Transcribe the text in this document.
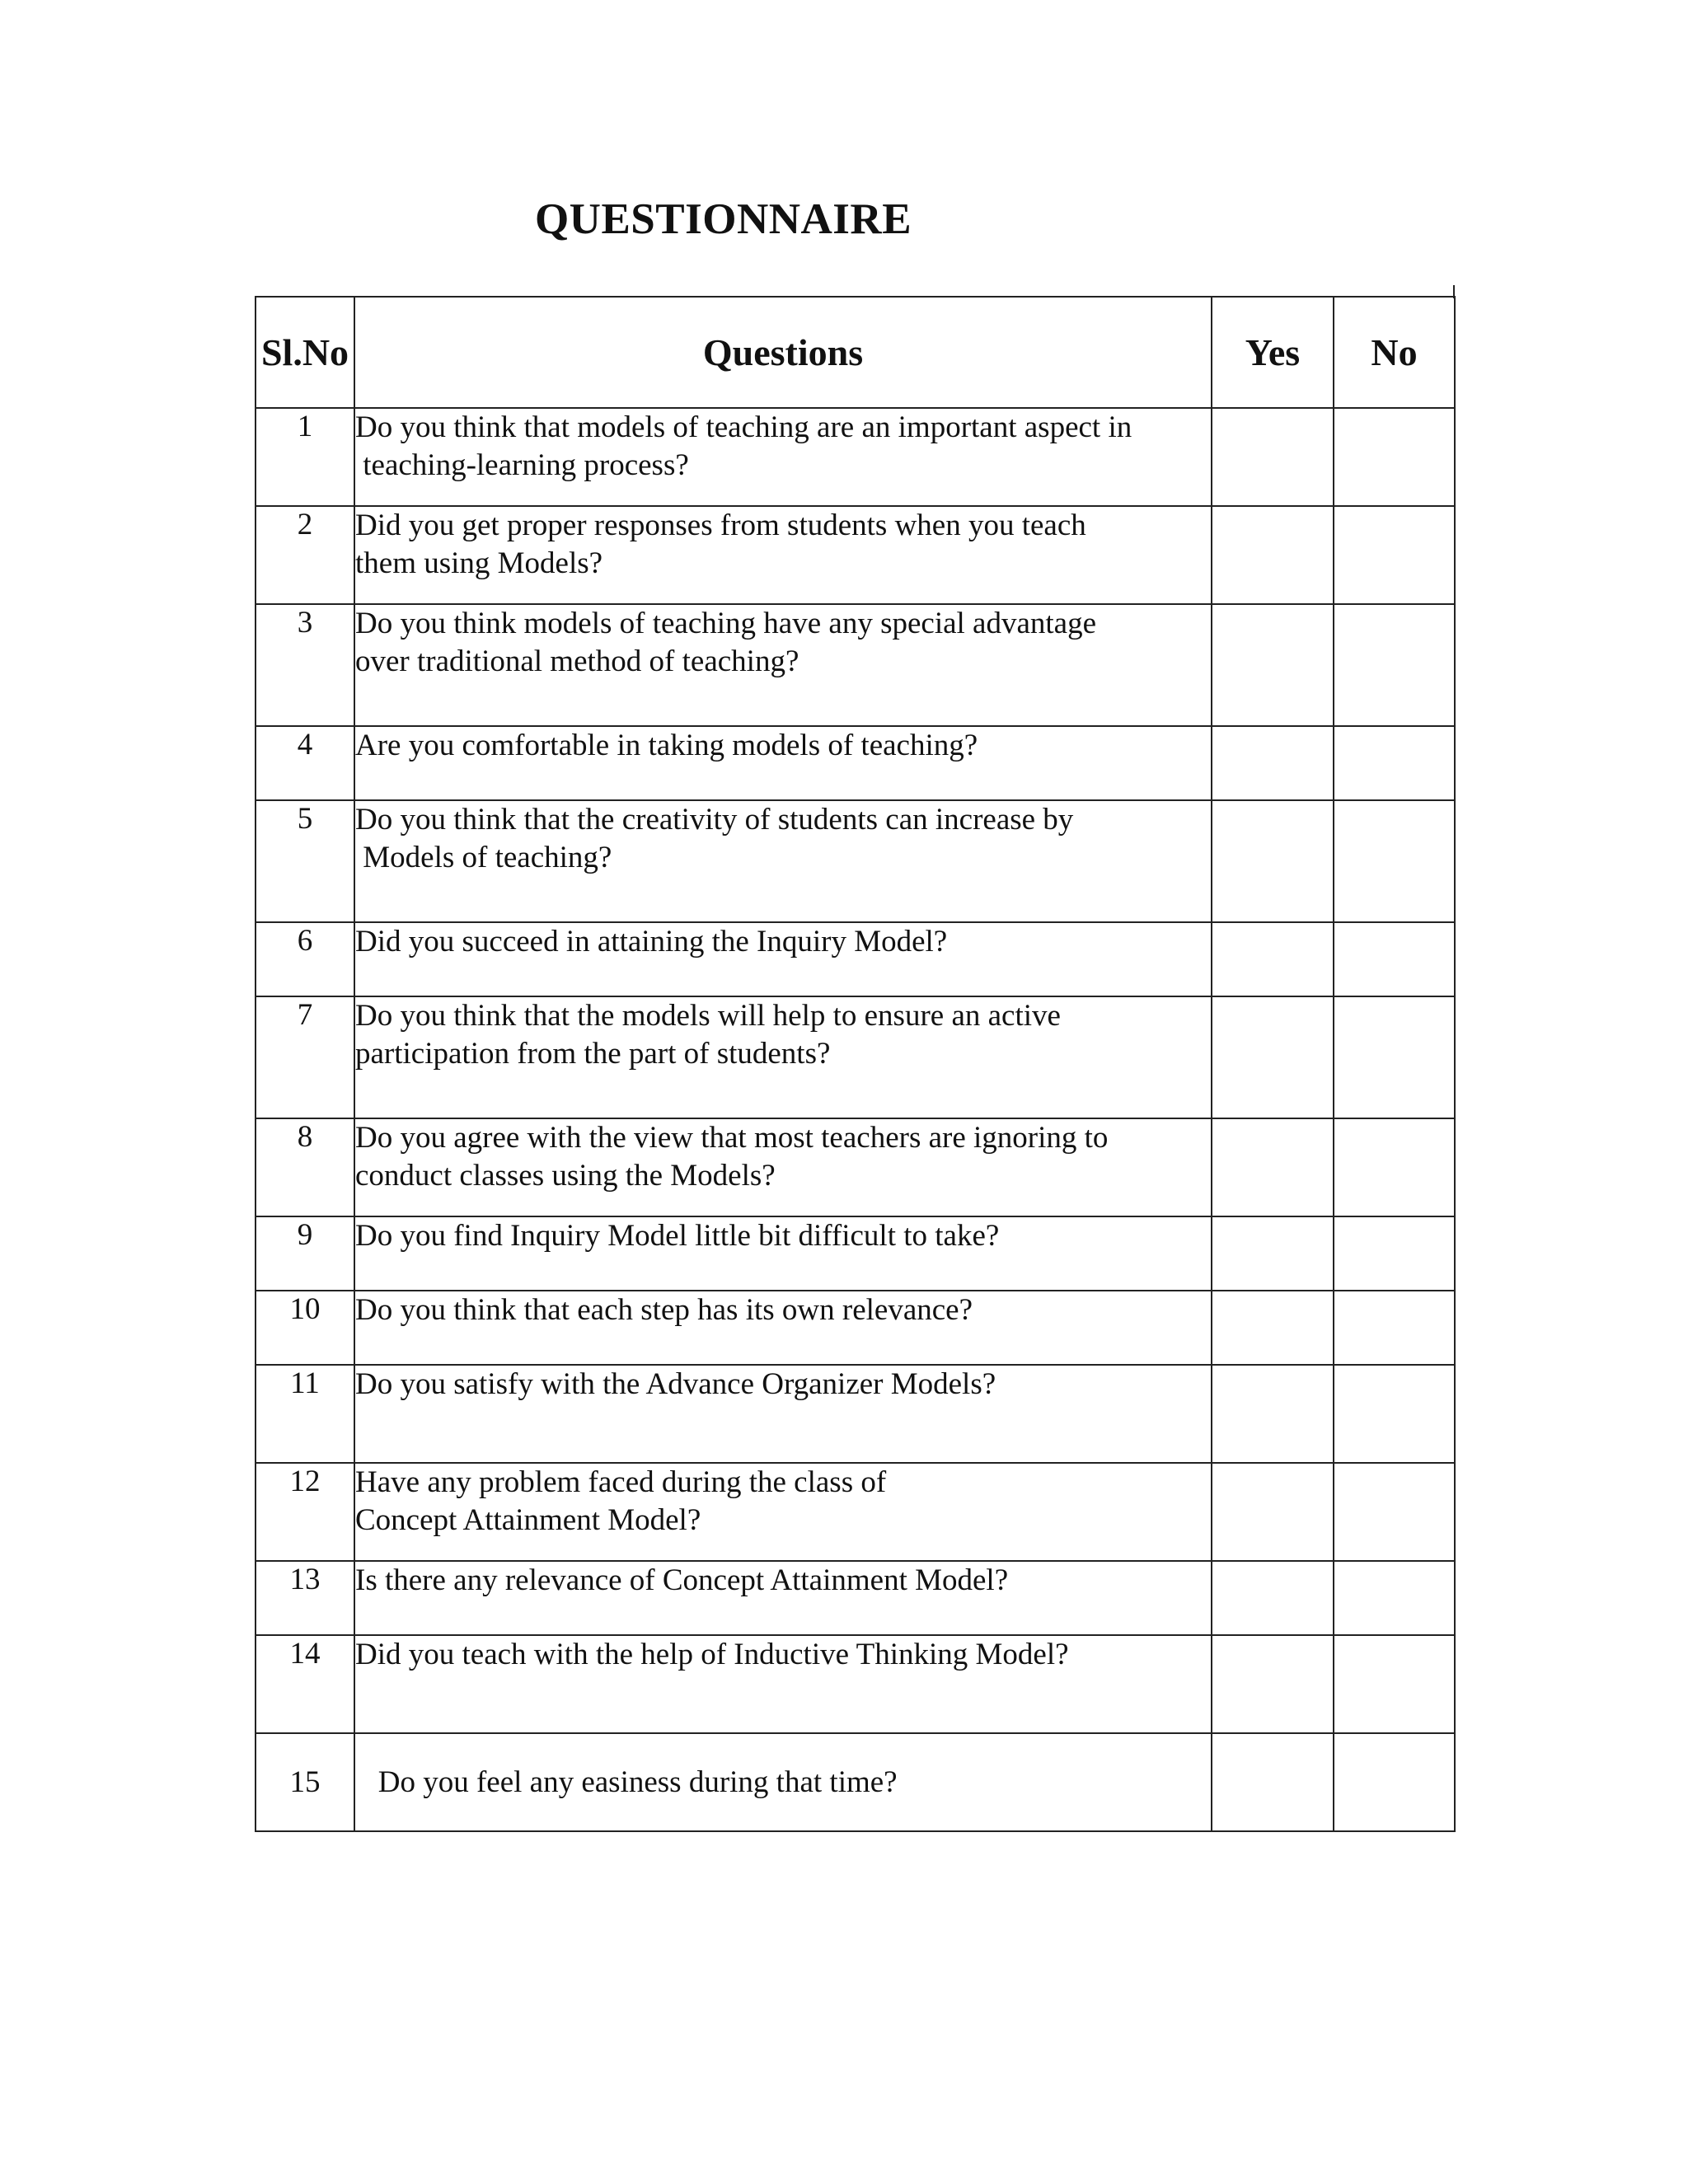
QUESTIONNAIRE
Sl.No	Questions	Yes	No
1	Do you think that models of teaching are an important aspect in
teaching-learning process?		

2	Did you get proper responses from students when you teach
them using Models?		

3	Do you think models of teaching have any special advantage
over traditional method of teaching?		

4	Are you comfortable in taking models of teaching?		

5	Do you think that the creativity of students can increase by
Models of teaching?		

6	Did you succeed in attaining the Inquiry Model?		

7	Do you think that the models will help to ensure an active
participation from the part of students?		

8	Do you agree with the view that most teachers are ignoring to
conduct classes using the Models?		

9	Do you find Inquiry Model little bit difficult to take?		

10	Do you think that each step has its own relevance?		

11	Do you satisfy with the Advance Organizer Models?		

12	Have any problem faced during the class of
Concept Attainment Model?		

13	Is there any relevance of Concept Attainment Model?		

14	Did you teach with the help of Inductive Thinking Model?		

15	Do you feel any easiness during that time?		
